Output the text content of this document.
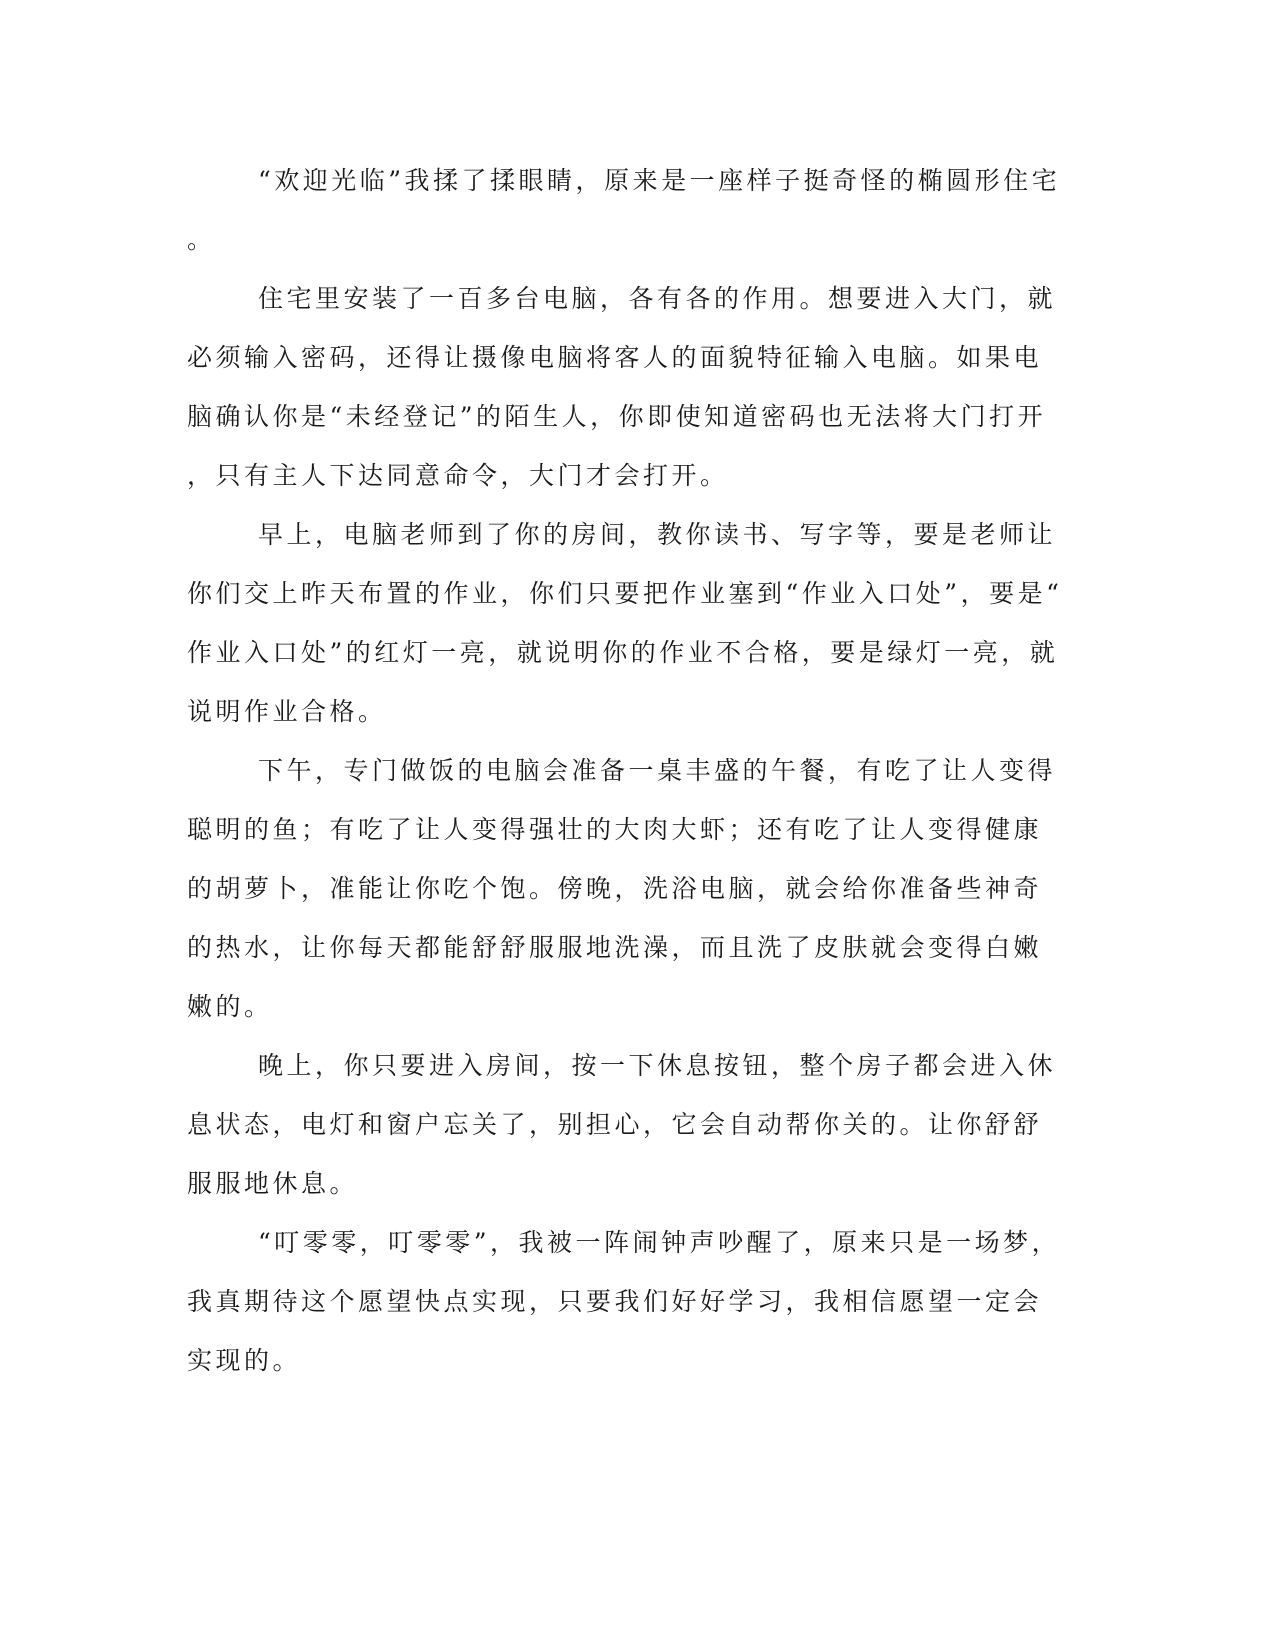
“欢迎光临”我揉了揉眼睛，原来是一座样子挺奇怪的椭圆形住宅
。
住宅里安装了一百多台电脑，各有各的作用。想要进入大门，就
必须输入密码，还得让摄像电脑将客人的面貌特征输入电脑。如果电
脑确认你是“未经登记”的陌生人，你即使知道密码也无法将大门打开
，只有主人下达同意命令，大门才会打开。
早上，电脑老师到了你的房间，教你读书、写字等，要是老师让
你们交上昨天布置的作业，你们只要把作业塞到“作业入口处”，要是“
作业入口处”的红灯一亮，就说明你的作业不合格，要是绿灯一亮，就
说明作业合格。
下午，专门做饭的电脑会准备一桌丰盛的午餐，有吃了让人变得
聪明的鱼；有吃了让人变得强壮的大肉大虾；还有吃了让人变得健康
的胡萝卜，准能让你吃个饱。傍晚，洗浴电脑，就会给你准备些神奇
的热水，让你每天都能舒舒服服地洗澡，而且洗了皮肤就会变得白嫩
嫩的。
晚上，你只要进入房间，按一下休息按钮，整个房子都会进入休
息状态，电灯和窗户忘关了，别担心，它会自动帮你关的。让你舒舒
服服地休息。
“叮零零，叮零零”，我被一阵闹钟声吵醒了，原来只是一场梦，
我真期待这个愿望快点实现，只要我们好好学习，我相信愿望一定会
实现的。
